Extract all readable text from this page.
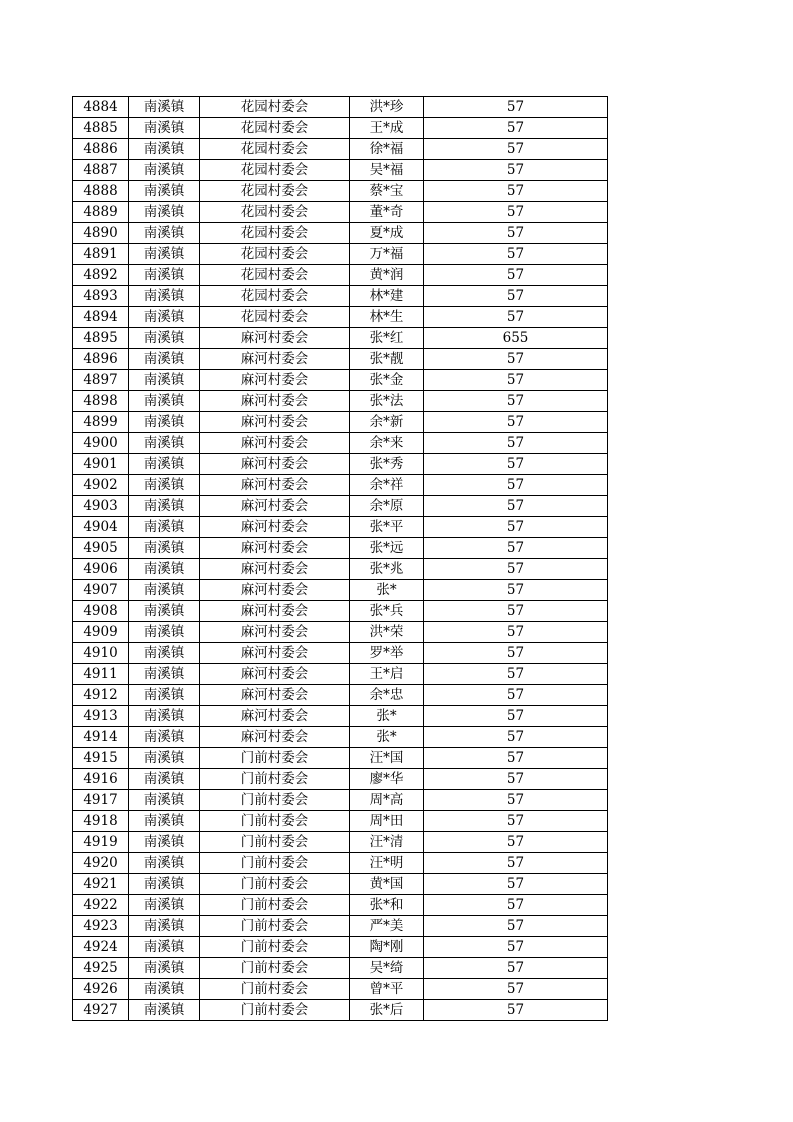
4884	南溪镇	花园村委会	洪*珍	57
4885	南溪镇	花园村委会	王*成	57
4886	南溪镇	花园村委会	徐*福	57
4887	南溪镇	花园村委会	吴*福	57
4888	南溪镇	花园村委会	蔡*宝	57
4889	南溪镇	花园村委会	董*奇	57
4890	南溪镇	花园村委会	夏*成	57
4891	南溪镇	花园村委会	万*福	57
4892	南溪镇	花园村委会	黄*润	57
4893	南溪镇	花园村委会	林*建	57
4894	南溪镇	花园村委会	林*生	57
4895	南溪镇	麻河村委会	张*红	655
4896	南溪镇	麻河村委会	张*靓	57
4897	南溪镇	麻河村委会	张*金	57
4898	南溪镇	麻河村委会	张*法	57
4899	南溪镇	麻河村委会	余*新	57
4900	南溪镇	麻河村委会	余*来	57
4901	南溪镇	麻河村委会	张*秀	57
4902	南溪镇	麻河村委会	余*祥	57
4903	南溪镇	麻河村委会	余*原	57
4904	南溪镇	麻河村委会	张*平	57
4905	南溪镇	麻河村委会	张*远	57
4906	南溪镇	麻河村委会	张*兆	57
4907	南溪镇	麻河村委会	张*	57
4908	南溪镇	麻河村委会	张*兵	57
4909	南溪镇	麻河村委会	洪*荣	57
4910	南溪镇	麻河村委会	罗*举	57
4911	南溪镇	麻河村委会	王*启	57
4912	南溪镇	麻河村委会	余*忠	57
4913	南溪镇	麻河村委会	张*	57
4914	南溪镇	麻河村委会	张*	57
4915	南溪镇	门前村委会	汪*国	57
4916	南溪镇	门前村委会	廖*华	57
4917	南溪镇	门前村委会	周*高	57
4918	南溪镇	门前村委会	周*田	57
4919	南溪镇	门前村委会	汪*清	57
4920	南溪镇	门前村委会	汪*明	57
4921	南溪镇	门前村委会	黄*国	57
4922	南溪镇	门前村委会	张*和	57
4923	南溪镇	门前村委会	严*美	57
4924	南溪镇	门前村委会	陶*刚	57
4925	南溪镇	门前村委会	吴*绮	57
4926	南溪镇	门前村委会	曾*平	57
4927	南溪镇	门前村委会	张*后	57
